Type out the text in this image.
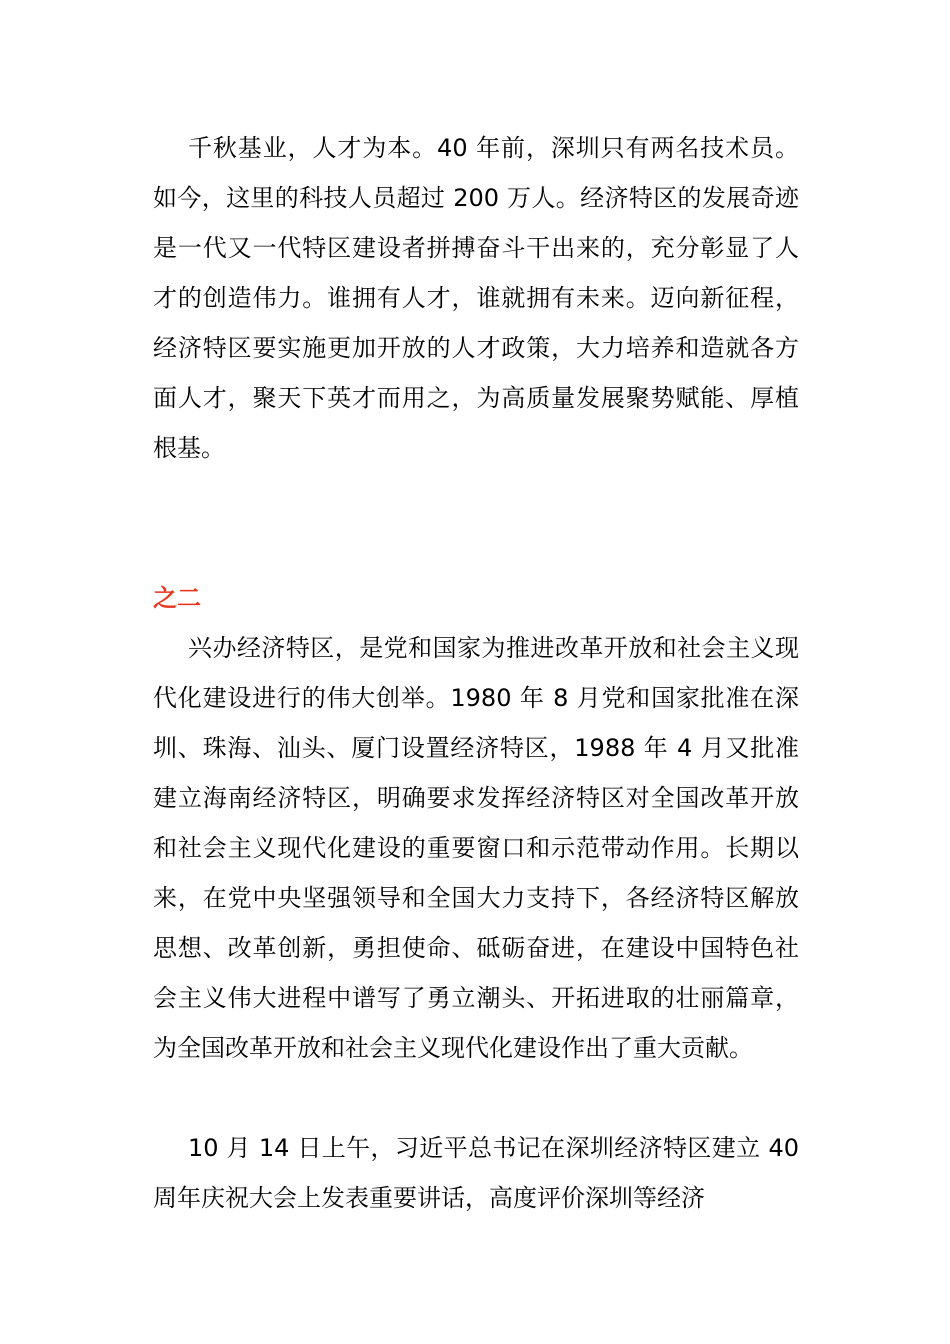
千秋基业，人才为本。40 年前，深圳只有两名技术员。如今，这里的科技人员超过 200 万人。经济特区的发展奇迹是一代又一代特区建设者拼搏奋斗干出来的，充分彰显了人才的创造伟力。谁拥有人才，谁就拥有未来。迈向新征程，经济特区要实施更加开放的人才政策，大力培养和造就各方面人才，聚天下英才而用之，为高质量发展聚势赋能、厚植根基。

之二

兴办经济特区，是党和国家为推进改革开放和社会主义现代化建设进行的伟大创举。1980 年 8 月党和国家批准在深圳、珠海、汕头、厦门设置经济特区，1988 年 4 月又批准建立海南经济特区，明确要求发挥经济特区对全国改革开放和社会主义现代化建设的重要窗口和示范带动作用。长期以来，在党中央坚强领导和全国大力支持下，各经济特区解放思想、改革创新，勇担使命、砥砺奋进，在建设中国特色社会主义伟大进程中谱写了勇立潮头、开拓进取的壮丽篇章，为全国改革开放和社会主义现代化建设作出了重大贡献。

10 月 14 日上午，习近平总书记在深圳经济特区建立 40 周年庆祝大会上发表重要讲话，高度评价深圳等经济
